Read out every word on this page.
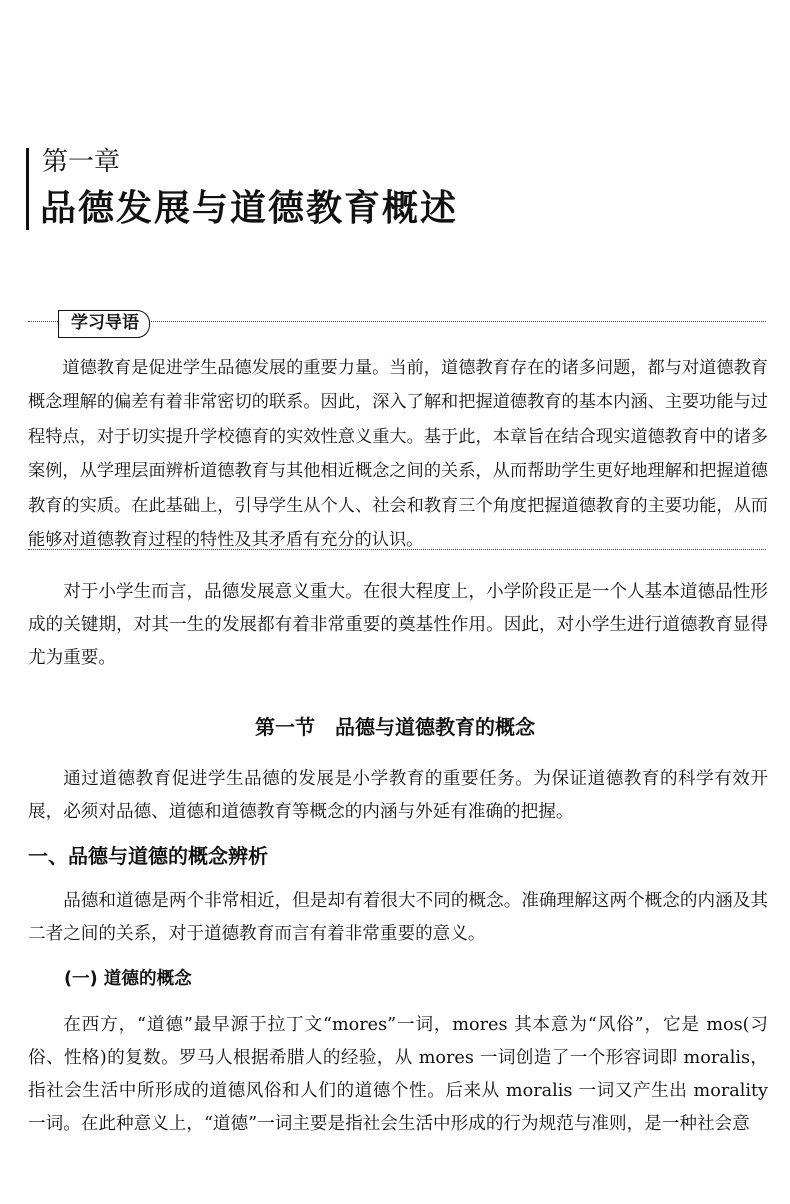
第一章
品德发展与道德教育概述
学习导语
道德教育是促进学生品德发展的重要力量。当前，道德教育存在的诸多问题，都与对道德教育概念理解的偏差有着非常密切的联系。因此，深入了解和把握道德教育的基本内涵、主要功能与过程特点，对于切实提升学校德育的实效性意义重大。基于此，本章旨在结合现实道德教育中的诸多案例，从学理层面辨析道德教育与其他相近概念之间的关系，从而帮助学生更好地理解和把握道德教育的实质。在此基础上，引导学生从个人、社会和教育三个角度把握道德教育的主要功能，从而能够对道德教育过程的特性及其矛盾有充分的认识。
对于小学生而言，品德发展意义重大。在很大程度上，小学阶段正是一个人基本道德品性形成的关键期，对其一生的发展都有着非常重要的奠基性作用。因此，对小学生进行道德教育显得尤为重要。
第一节　品德与道德教育的概念
通过道德教育促进学生品德的发展是小学教育的重要任务。为保证道德教育的科学有效开展，必须对品德、道德和道德教育等概念的内涵与外延有准确的把握。
一、品德与道德的概念辨析
品德和道德是两个非常相近，但是却有着很大不同的概念。准确理解这两个概念的内涵及其二者之间的关系，对于道德教育而言有着非常重要的意义。
(一) 道德的概念
在西方，“道德”最早源于拉丁文“mores”一词，mores 其本意为“风俗”，它是 mos(习俗、性格)的复数。罗马人根据希腊人的经验，从 mores 一词创造了一个形容词即 moralis，指社会生活中所形成的道德风俗和人们的道德个性。后来从 moralis 一词又产生出 morality 一词。在此种意义上，“道德”一词主要是指社会生活中形成的行为规范与准则，是一种社会意
